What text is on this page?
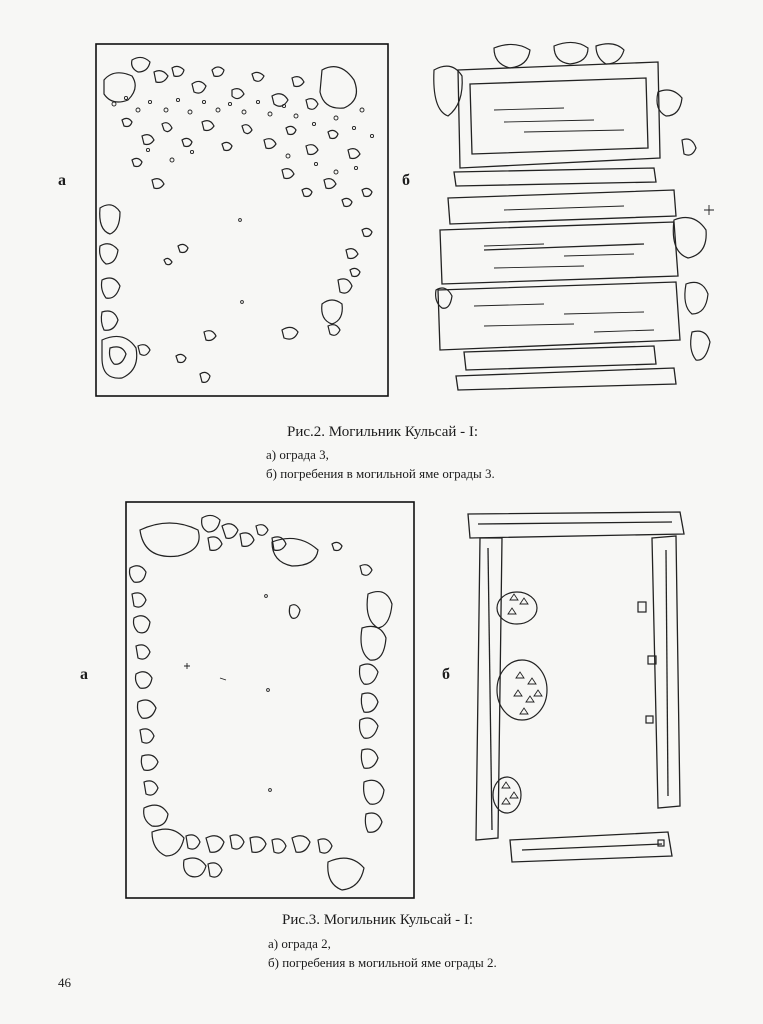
а	б
Рис.2. Могильник Кульсай - I:
а) ограда 3,
б) погребения в могильной яме ограды 3.
а	б
Рис.3. Могильник Кульсай - I:
а) ограда 2,
б) погребения в могильной яме ограды 2.
46
